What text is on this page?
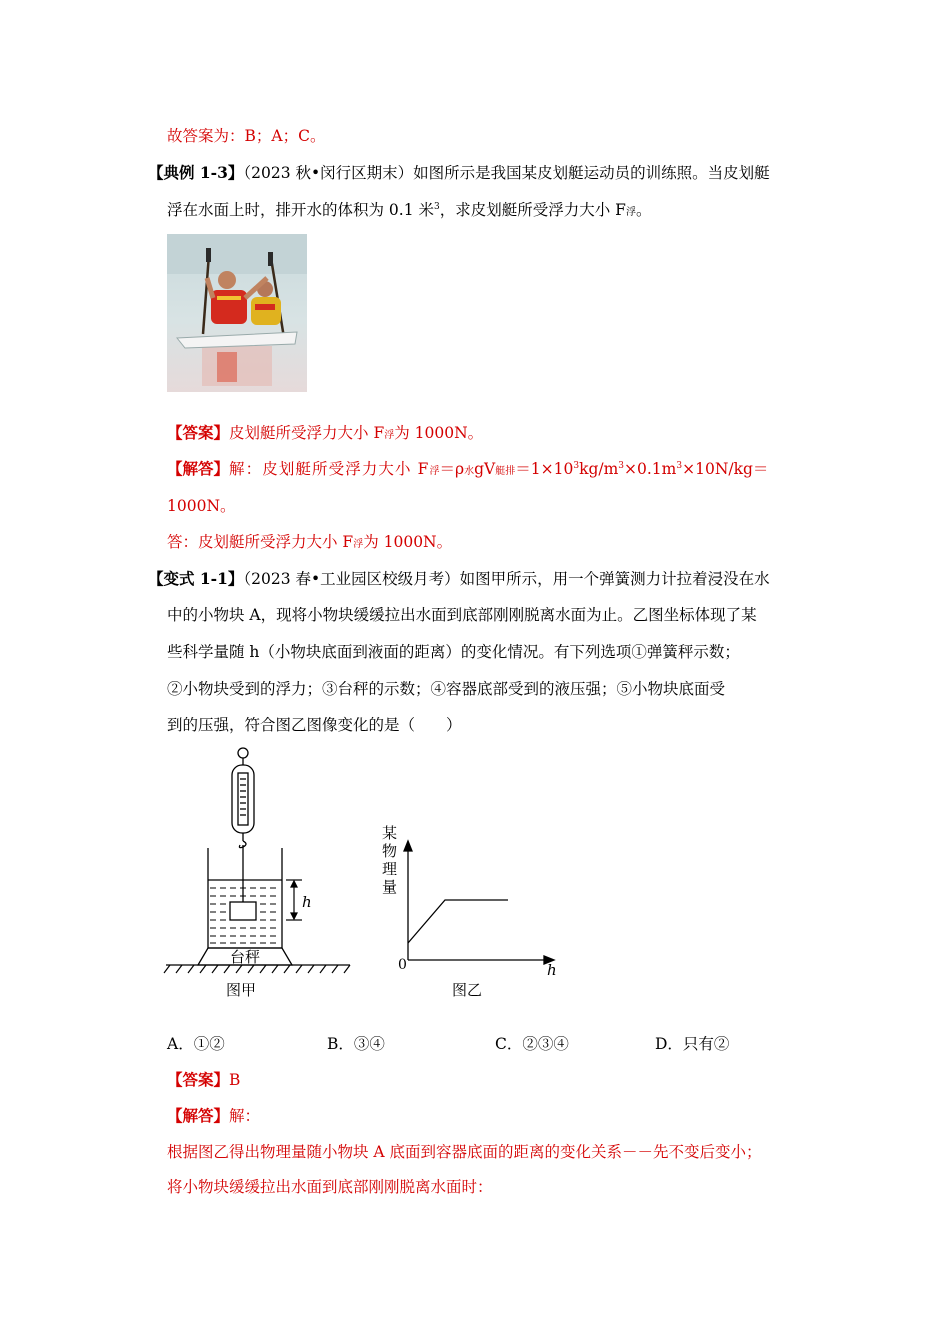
故答案为：B；A；C。
【典例 1-3】（2023 秋•闵行区期末）如图所示是我国某皮划艇运动员的训练照。当皮划艇
浮在水面上时，排开水的体积为 0.1 米$^3$，求皮划艇所受浮力大小 F浮。
【答案】皮划艇所受浮力大小 F浮为 1000N。
【解答】解：皮划艇所受浮力大小 F浮＝ρ水gV艇排$=1\times 10^3kg/m^3\times 0.1m^3\times 10N/kg=$
1000N。
答：皮划艇所受浮力大小 F浮为 1000N。
【变式 1-1】（2023 春•工业园区校级月考）如图甲所示，用一个弹簧测力计拉着浸没在水
中的小物块 A，现将小物块缓缓拉出水面到底部刚刚脱离水面为止。乙图坐标体现了某
些科学量随 h（小物块底面到液面的距离）的变化情况。有下列选项①弹簧秤示数；
②小物块受到的浮力；③台秤的示数；④容器底部受到的液压强；⑤小物块底面受
到的压强，符合图乙图像变化的是（　　）
h
台秤
图甲
某
物
理
量
0	h
图乙
A．①②	B．③④	C．②③④	D．只有②
【答案】B
【解答】解：
根据图乙得出物理量随小物块 A 底面到容器底面的距离的变化关系－－先不变后变小；
将小物块缓缓拉出水面到底部刚刚脱离水面时：
